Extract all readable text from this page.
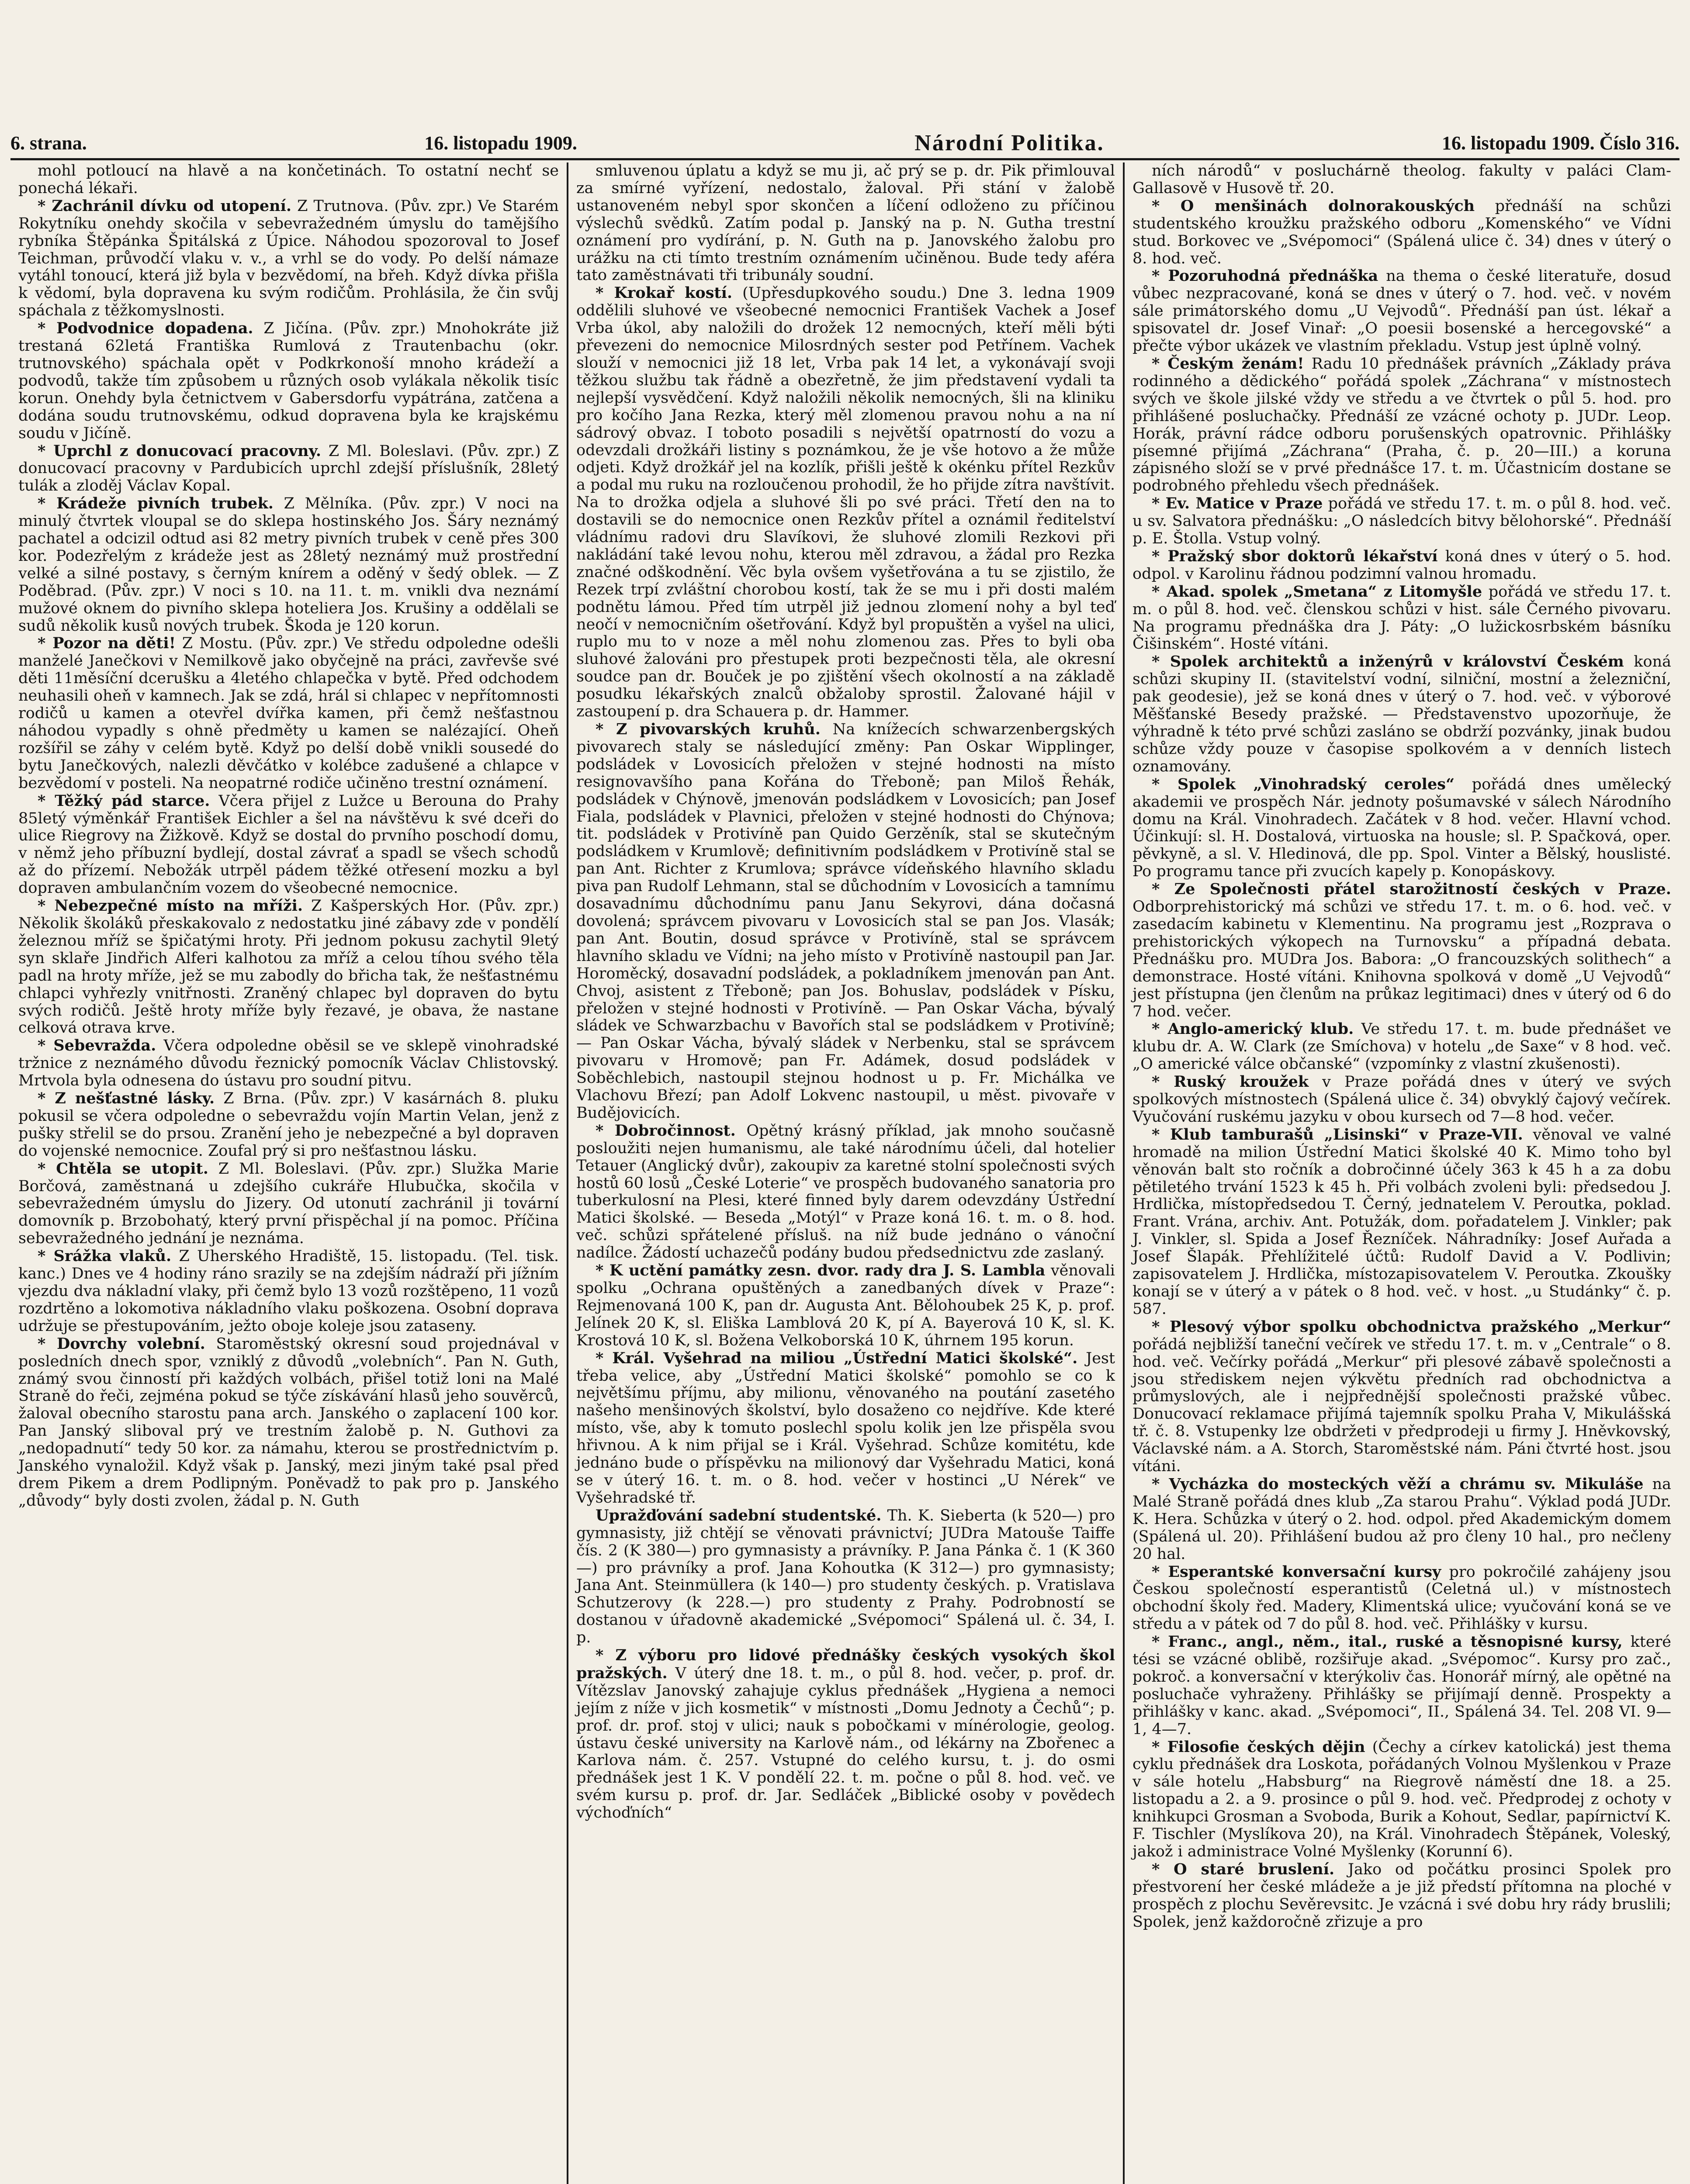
6. strana.	16. listopadu 1909.	Národní Politika.	16. listopadu 1909. Číslo 316.

mohl potloucí na hlavě a na končetinách. To ostatní nechť se ponechá lékaři.

* Zachránil dívku od utopení. Z Trutnova. (Pův. zpr.) Ve Starém Rokytníku onehdy skočila v sebevražedném úmyslu do tamějšího rybníka Štěpánka Špitálská z Úpice. Náhodou spozoroval to Josef Teichman, průvodčí vlaku v. v., a vrhl se do vody. Po delší námaze vytáhl tonoucí, která již byla v bezvědomí, na břeh. Když dívka přišla k vědomí, byla dopravena ku svým rodičům. Prohlásila, že čin svůj spáchala z těžkomyslnosti.

* Podvodnice dopadena. Z Jičína. (Pův. zpr.) Mnohokráte již trestaná 62letá Františka Rumlová z Trautenbachu (okr. trutnovského) spáchala opět v Podkrkonoší mnoho krádeží a podvodů, takže tím způsobem u různých osob vylákala několik tisíc korun. Onehdy byla četnictvem v Gabersdorfu vypátrána, zatčena a dodána soudu trutnovskému, odkud dopravena byla ke krajskému soudu v Jičíně.

* Uprchl z donucovací pracovny. Z Ml. Boleslavi. (Pův. zpr.) Z donucovací pracovny v Pardubicích uprchl zdejší příslušník, 28letý tulák a zloděj Václav Kopal.

* Krádeže pivních trubek. Z Mělníka. (Pův. zpr.) V noci na minulý čtvrtek vloupal se do sklepa hostinského Jos. Šáry neznámý pachatel a odcizil odtud asi 82 metry pivních trubek v ceně přes 300 kor. Podezřelým z krádeže jest as 28letý neznámý muž prostřední velké a silné postavy, s černým knírem a oděný v šedý oblek. — Z Poděbrad. (Pův. zpr.) V noci s 10. na 11. t. m. vnikli dva neznámí mužové oknem do pivního sklepa hoteliera Jos. Krušiny a oddělali se sudů několik kusů nových trubek. Škoda je 120 korun.

* Pozor na děti! Z Mostu. (Pův. zpr.) Ve středu odpoledne odešli manželé Janečkovi v Nemilkově jako obyčejně na práci, zavřevše své děti 11měsíční dcerušku a 4letého chlapečka v bytě. Před odchodem neuhasili oheň v kamnech. Jak se zdá, hrál si chlapec v nepřítomnosti rodičů u kamen a otevřel dvířka kamen, při čemž nešťastnou náhodou vypadly s ohně předměty u kamen se nalézající. Oheň rozšířil se záhy v celém bytě. Když po delší době vnikli sousedé do bytu Janečkových, nalezli děvčátko v kolébce zadušené a chlapce v bezvědomí v posteli. Na neopatrné rodiče učiněno trestní oznámení.

* Těžký pád starce. Včera přijel z Lužce u Berouna do Prahy 85letý výměnkář František Eichler a šel na návštěvu k své dceři do ulice Riegrovy na Žižkově. Když se dostal do prvního poschodí domu, v němž jeho příbuzní bydlejí, dostal závrať a spadl se všech schodů až do přízemí. Nebožák utrpěl pádem těžké otřesení mozku a byl dopraven ambulančním vozem do všeobecné nemocnice.

* Nebezpečné místo na mříži. Z Kašperských Hor. (Pův. zpr.) Několik školáků přeskakovalo z nedostatku jiné zábavy zde v pondělí železnou mříž se špičatými hroty. Při jednom pokusu zachytil 9letý syn sklaře Jindřich Alferi kalhotou za mříž a celou tíhou svého těla padl na hroty mříže, jež se mu zabodly do břicha tak, že nešťastnému chlapci vyhřezly vnitřnosti. Zraněný chlapec byl dopraven do bytu svých rodičů. Ještě hroty mříže byly řezavé, je obava, že nastane celková otrava krve.

* Sebevražda. Včera odpoledne oběsil se ve sklepě vinohradské tržnice z neznámého důvodu řeznický pomocník Václav Chlistovský. Mrtvola byla odnesena do ústavu pro soudní pitvu.

* Z nešťastné lásky. Z Brna. (Pův. zpr.) V kasárnách 8. pluku pokusil se včera odpoledne o sebevraždu vojín Martin Velan, jenž z pušky střelil se do prsou. Zranění jeho je nebezpečné a byl dopraven do vojenské nemocnice. Zoufal prý si pro nešťastnou lásku.

* Chtěla se utopit. Z Ml. Boleslavi. (Pův. zpr.) Služka Marie Borčová, zaměstnaná u zdejšího cukráře Hlubučka, skočila v sebevražedném úmyslu do Jizery. Od utonutí zachránil ji tovární domovník p. Brzobohatý, který první přispěchal jí na pomoc. Příčina sebevražedného jednání je neznáma.

* Srážka vlaků. Z Uherského Hradiště, 15. listopadu. (Tel. tisk. kanc.) Dnes ve 4 hodiny ráno srazily se na zdejším nádraží při jížním vjezdu dva nákladní vlaky, při čemž bylo 13 vozů rozštěpeno, 11 vozů rozdrtěno a lokomotiva nákladního vlaku poškozena. Osobní doprava udržuje se přestupováním, ježto oboje koleje jsou zataseny.

* Dovrchy volební. Staroměstský okresní soud projednával v posledních dnech spor, vzniklý z důvodů „volebních“. Pan N. Guth, známý svou činností při každých volbách, přišel totiž loni na Malé Straně do řeči, zejména pokud se týče získávání hlasů jeho souvěrců, žaloval obecního starostu pana arch. Janského o zaplacení 100 kor. Pan Janský sliboval prý ve trestním žalobě p. N. Guthovi za „nedopadnutí“ tedy 50 kor. za námahu, kterou se prostřednictvím p. Janského vynaložil. Když však p. Janský, mezi jiným také psal před drem Pikem a drem Podlipným. Poněvadž to pak pro p. Janského „důvody“ byly dosti zvolen, žádal p. N. Guth

smluvenou úplatu a když se mu ji, ač prý se p. dr. Pik přimlouval za smírné vyřízení, nedostalo, žaloval. Při stání v žalobě ustanoveném nebyl spor skončen a líčení odloženo zu příčinou výslechů svědků. Zatím podal p. Janský na p. N. Gutha trestní oznámení pro vydírání, p. N. Guth na p. Janovského žalobu pro urážku na cti tímto trestním oznámením učiněnou. Bude tedy aféra tato zaměstnávati tři tribunály soudní.

* Krokař kostí. (Upřesdupkového soudu.) Dne 3. ledna 1909 oddělili sluhové ve všeobecné nemocnici František Vachek a Josef Vrba úkol, aby naložili do drožek 12 nemocných, kteří měli býti převezeni do nemocnice Milosrdných sester pod Petřínem. Vachek slouží v nemocnici již 18 let, Vrba pak 14 let, a vykonávají svoji těžkou službu tak řádně a obezřetně, že jim představení vydali ta nejlepší vysvědčení. Když naložili několik nemocných, šli na kliniku pro kočího Jana Rezka, který měl zlomenou pravou nohu a na ní sádrový obvaz. I toboto posadili s největší opatrností do vozu a odevzdali drožkáři listiny s poznámkou, že je vše hotovo a že může odjeti. Když drožkář jel na kozlík, přišli ještě k okénku přítel Rezkův a podal mu ruku na rozloučenou prohodil, že ho přijde zítra navštívit. Na to drožka odjela a sluhové šli po své práci. Třetí den na to dostavili se do nemocnice onen Rezkův přítel a oznámil ředitelství vládnímu radovi dru Slavíkovi, že sluhové zlomili Rezkovi při nakládání také levou nohu, kterou měl zdravou, a žádal pro Rezka značné odškodnění. Věc byla ovšem vyšetřována a tu se zjistilo, že Rezek trpí zvláštní chorobou kostí, tak že se mu i při dosti malém podnětu lámou. Před tím utrpěl již jednou zlomení nohy a byl teď neočí v nemocničním ošetřování. Když byl propuštěn a vyšel na ulici, ruplo mu to v noze a měl nohu zlomenou zas. Přes to byli oba sluhové žalováni pro přestupek proti bezpečnosti těla, ale okresní soudce pan dr. Bouček je po zjištění všech okolností a na základě posudku lékařských znalců obžaloby sprostil. Žalované hájil v zastoupení p. dra Schauera p. dr. Hammer.

* Z pivovarských kruhů. Na knížecích schwarzenbergských pivovarech staly se následující změny: Pan Oskar Wipplinger, podsládek v Lovosicích přeložen v stejné hodnosti na místo resignovavšího pana Kořána do Třeboně; pan Miloš Řehák, podsládek v Chýnově, jmenován podsládkem v Lovosicích; pan Josef Fiala, podsládek v Plavnici, přeložen v stejné hodnosti do Chýnova; tit. podsládek v Protivíně pan Quido Gerzěník, stal se skutečným podsládkem v Krumlově; definitivním podsládkem v Protivíně stal se pan Ant. Richter z Krumlova; správce vídeňského hlavního skladu piva pan Rudolf Lehmann, stal se důchodním v Lovosicích a tamnímu dosavadnímu důchodnímu panu Janu Sekyrovi, dána dočasná dovolená; správcem pivovaru v Lovosicích stal se pan Jos. Vlasák; pan Ant. Boutin, dosud správce v Protivíně, stal se správcem hlavního skladu ve Vídni; na jeho místo v Protivíně nastoupil pan Jar. Horoměcký, dosavadní podsládek, a pokladníkem jmenován pan Ant. Chvoj, asistent z Třeboně; pan Jos. Bohuslav, podsládek v Písku, přeložen v stejné hodnosti v Protivíně. — Pan Oskar Vácha, bývalý sládek ve Schwarzbachu v Bavořích stal se podsládkem v Protivíně; — Pan Oskar Vácha, bývalý sládek v Nerbenku, stal se správcem pivovaru v Hromově; pan Fr. Adámek, dosud podsládek v Soběchlebich, nastoupil stejnou hodnost u p. Fr. Michálka ve Vlachovu Březí; pan Adolf Lokvenc nastoupil, u měst. pivovaře v Budějovicích.

* Dobročinnost. Opětný krásný příklad, jak mnoho současně posloužiti nejen humanismu, ale také národnímu účeli, dal hotelier Tetauer (Anglický dvůr), zakoupiv za karetné stolní společnosti svých hostů 60 losů „České Loterie“ ve prospěch budovaného sanatoria pro tuberkulosní na Plesi, které finned byly darem odevzdány Ústřední Matici školské. — Beseda „Motýl“ v Praze koná 16. t. m. o 8. hod. več. schůzi spřátelené přísluš. na níž bude jednáno o vánoční nadílce. Žádostí uchazečů podány budou předsednictvu zde zaslaný.

* K uctění památky zesn. dvor. rady dra J. S. Lambla věnovali spolku „Ochrana opuštěných a zanedbaných dívek v Praze“: Rejmenovaná 100 K, pan dr. Augusta Ant. Bělohoubek 25 K, p. prof. Jelínek 20 K, sl. Eliška Lamblová 20 K, pí A. Bayerová 10 K, sl. K. Krostová 10 K, sl. Božena Velkoborská 10 K, úhrnem 195 korun.

* Král. Vyšehrad na miliou „Ústřední Matici školské“. Jest třeba velice, aby „Ústřední Matici školské“ pomohlo se co k největšímu příjmu, aby milionu, věnovaného na poutání zasetého našeho menšinových školství, bylo dosaženo co nejdříve. Kde které místo, vše, aby k tomuto poslechl spolu kolik jen lze přispěla svou hřivnou. A k nim přijal se i Král. Vyšehrad. Schůze komitétu, kde jednáno bude o příspěvku na milionový dar Vyšehradu Matici, koná se v úterý 16. t. m. o 8. hod. večer v hostinci „U Nérek“ ve Vyšehradské tř.

Upražďování sadební studentské. Th. K. Sieberta (k 520—) pro gymnasisty, již chtějí se věnovati právnictví; JUDra Matouše Taiffe čís. 2 (K 380—) pro gymnasisty a právníky. P. Jana Pánka č. 1 (K 360—) pro právníky a prof. Jana Kohoutka (K 312—) pro gymnasisty; Jana Ant. Steinmüllera (k 140—) pro studenty českých. p. Vratislava Schutzerovy (k 228.—) pro studenty z Prahy. Podrobností se dostanou v úřadovně akademické „Svépomoci“ Spálená ul. č. 34, I. p.

* Z výboru pro lidové přednášky českých vysokých škol pražských. V úterý dne 18. t. m., o půl 8. hod. večer, p. prof. dr. Vítězslav Janovský zahajuje cyklus přednášek „Hygiena a nemoci jejím z níže v jich kosmetik“ v místnosti „Domu Jednoty a Čechů“; p. prof. dr. prof. stoj v ulici; nauk s pobočkami v mínérologie, geolog. ústavu české university na Karlově nám., od lékárny na Zbořenec a Karlova nám. č. 257. Vstupné do celého kursu, t. j. do osmi přednášek jest 1 K. V pondělí 22. t. m. počne o půl 8. hod. več. ve svém kursu p. prof. dr. Jar. Sedláček „Biblické osoby v povědech výchoďních“

ních národů“ v posluchárně theolog. fakulty v paláci Clam-Gallasově v Husově tř. 20.

* O menšinách dolnorakouských přednáší na schůzi studentského kroužku pražského odboru „Komenského“ ve Vídni stud. Borkovec ve „Svépomoci“ (Spálená ulice č. 34) dnes v úterý o 8. hod. več.

* Pozoruhodná přednáška na thema o české literatuře, dosud vůbec nezpracované, koná se dnes v úterý o 7. hod. več. v novém sále primátorského domu „U Vejvodů“. Přednáší pan úst. lékař a spisovatel dr. Josef Vinař: „O poesii bosenské a hercegovské“ a přečte výbor ukázek ve vlastním překladu. Vstup jest úplně volný.

* Českým ženám! Radu 10 přednášek právních „Základy práva rodinného a dědického“ pořádá spolek „Záchrana“ v místnostech svých ve škole jilské vždy ve středu a ve čtvrtek o půl 5. hod. pro přihlášené posluchačky. Přednáší ze vzácné ochoty p. JUDr. Leop. Horák, právní rádce odboru porušenských opatrovnic. Přihlášky písemné přijímá „Záchrana“ (Praha, č. p. 20—III.) a koruna zápisného složí se v prvé přednášce 17. t. m. Účastnicím dostane se podrobného přehledu všech přednášek.

* Ev. Matice v Praze pořádá ve středu 17. t. m. o půl 8. hod. več. u sv. Salvatora přednášku: „O následcích bitvy bělohorské“. Přednáší p. E. Štolla. Vstup volný.

* Pražský sbor doktorů lékařství koná dnes v úterý o 5. hod. odpol. v Karolinu řádnou podzimní valnou hromadu.

* Akad. spolek „Smetana“ z Litomyšle pořádá ve středu 17. t. m. o půl 8. hod. več. členskou schůzi v hist. sále Černého pivovaru. Na programu přednáška dra J. Páty: „O lužickosrbském básníku Čišinském“. Hosté vítáni.

* Spolek architektů a inženýrů v království Českém koná schůzi skupiny II. (stavitelství vodní, silniční, mostní a železniční, pak geodesie), jež se koná dnes v úterý o 7. hod. več. v výborové Měšťanské Besedy pražské. — Představenstvo upozorňuje, že výhradně k této prvé schůzi zasláno se obdrží pozvánky, jinak budou schůze vždy pouze v časopise spolkovém a v denních listech oznamovány.

* Spolek „Vinohradský ceroles“ pořádá dnes umělecký akademii ve prospěch Nár. jednoty pošumavské v sálech Národního domu na Král. Vinohradech. Začátek v 8 hod. večer. Hlavní vchod. Účinkují: sl. H. Dostalová, virtuoska na housle; sl. P. Spačková, oper. pěvkyně, a sl. V. Hledinová, dle pp. Spol. Vinter a Bělský, houslisté. Po programu tance při zvucích kapely p. Konopáskovy.

* Ze Společnosti přátel starožitností českých v Praze. Odborprehistorický má schůzi ve středu 17. t. m. o 6. hod. več. v zasedacím kabinetu v Klementinu. Na programu jest „Rozprava o prehistorických výkopech na Turnovsku“ a případná debata. Přednášku pro. MUDra Jos. Babora: „O francouzských solithech“ a demonstrace. Hosté vítáni. Knihovna spolková v domě „U Vejvodů“ jest přístupna (jen členům na průkaz legitimaci) dnes v úterý od 6 do 7 hod. večer.

* Anglo-americký klub. Ve středu 17. t. m. bude přednášet ve klubu dr. A. W. Clark (ze Smíchova) v hotelu „de Saxe“ v 8 hod. več. „O americké válce občanské“ (vzpomínky z vlastní zkušenosti).

* Ruský kroužek v Praze pořádá dnes v úterý ve svých spolkových místnostech (Spálená ulice č. 34) obvyklý čajový večírek. Vyučování ruskému jazyku v obou kursech od 7—8 hod. večer.

* Klub tamburašů „Lisinski“ v Praze-VII. věnoval ve valné hromadě na milion Ústřední Matici školské 40 K. Mimo toho byl věnován balt sto ročník a dobročinné účely 363 k 45 h a za dobu pětiletého trvání 1523 k 45 h. Při volbách zvoleni byli: předsedou J. Hrdlička, místopředsedou T. Černý, jednatelem V. Peroutka, poklad. Frant. Vrána, archiv. Ant. Potužák, dom. pořadatelem J. Vinkler; pak J. Vinkler, sl. Spida a Josef Řezníček. Náhradníky: Josef Auřada a Josef Šlapák. Přehlížitelé účtů: Rudolf David a V. Podlivin; zapisovatelem J. Hrdlička, místozapisovatelem V. Peroutka. Zkoušky konají se v úterý a v pátek o 8 hod. več. v host. „u Studánky“ č. p. 587.

* Plesový výbor spolku obchodnictva pražského „Merkur“ pořádá nejbližší taneční večírek ve středu 17. t. m. v „Centrale“ o 8. hod. več. Večírky pořádá „Merkur“ při plesové zábavě společnosti a jsou střediskem nejen výkvětu předních rad obchodnictva a průmyslových, ale i nejpřednější společnosti pražské vůbec. Donucovací reklamace přijímá tajemník spolku Praha V, Mikulášská tř. č. 8. Vstupenky lze obdržeti v předprodeji u firmy J. Hněvkovský, Václavské nám. a A. Storch, Staroměstské nám. Páni čtvrté host. jsou vítáni.

* Vycházka do mosteckých věží a chrámu sv. Mikuláše na Malé Straně pořádá dnes klub „Za starou Prahu“. Výklad podá JUDr. K. Hera. Schůzka v úterý o 2. hod. odpol. před Akademickým domem (Spálená ul. 20). Přihlášení budou až pro členy 10 hal., pro nečleny 20 hal.

* Esperantské konversační kursy pro pokročilé zahájeny jsou Českou společností esperantistů (Celetná ul.) v místnostech obchodní školy řed. Madery, Klimentská ulice; vyučování koná se ve středu a v pátek od 7 do půl 8. hod. več. Přihlášky v kursu.

* Franc., angl., něm., ital., ruské a těsnopisné kursy, které tési se vzácné oblibě, rozšiřuje akad. „Svépomoc“. Kursy pro zač., pokroč. a konversační v kterýkoliv čas. Honorář mírný, ale opětné na posluchače vyhraženy. Přihlášky se přijímají denně. Prospekty a přihlášky v kanc. akad. „Svépomoci“, II., Spálená 34. Tel. 208 VI. 9—1, 4—7.

* Filosofie českých dějin (Čechy a církev katolická) jest thema cyklu přednášek dra Loskota, pořádaných Volnou Myšlenkou v Praze v sále hotelu „Habsburg“ na Riegrově náměstí dne 18. a 25. listopadu a 2. a 9. prosince o půl 9. hod. več. Předprodej z ochoty v knihkupci Grosman a Svoboda, Burik a Kohout, Sedlar, papírnictví K. F. Tischler (Myslíkova 20), na Král. Vinohradech Štěpánek, Voleský, jakož i administrace Volné Myšlenky (Korunní 6).

* O staré bruslení. Jako od počátku prosinci Spolek pro přestvorení her české mládeže a je již předstí přítomna na ploché v prospěch z plochu Sevěrevsitc. Je vzácná i své dobu hry rády bruslili; Spolek, jenž každoročně zřizuje a pro
